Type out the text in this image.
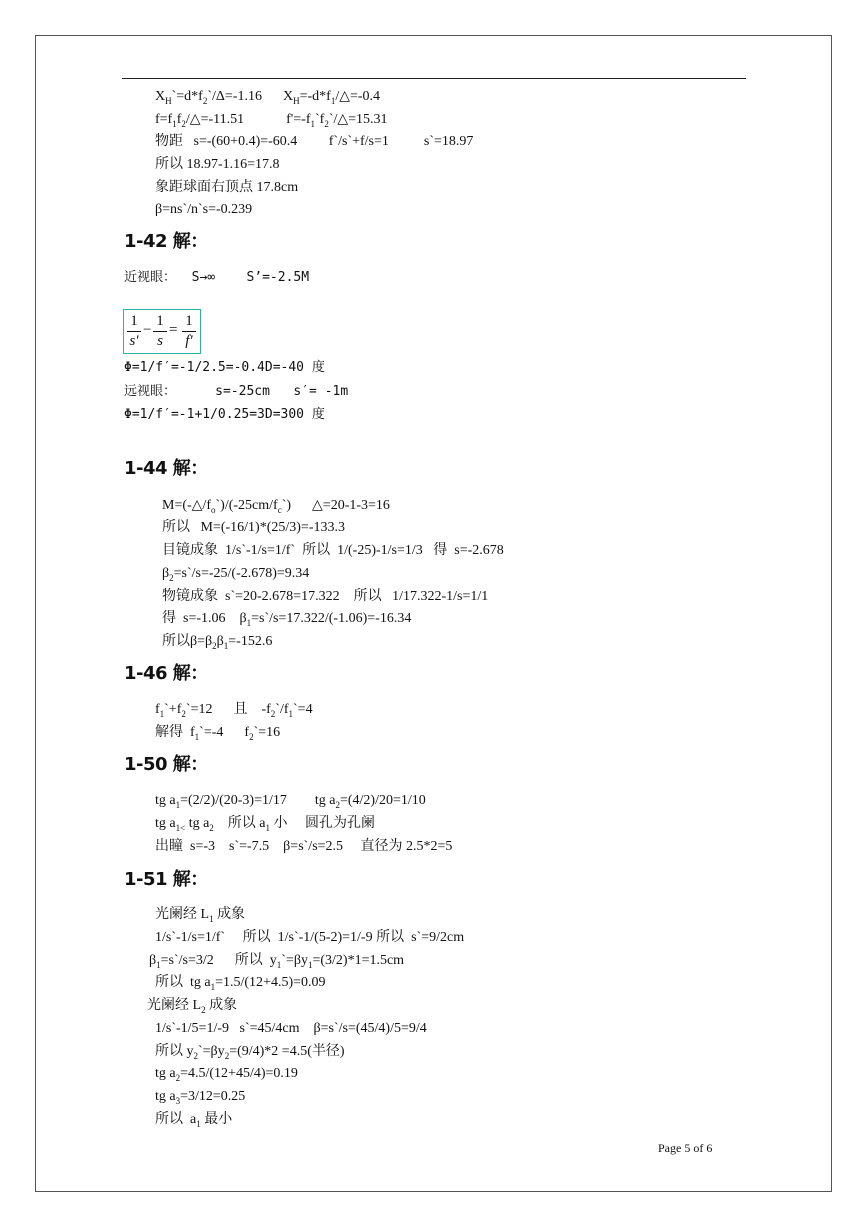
$X_H`=d*f_2`/\Delta=-1.16$      $X_H=-d*f_1/\triangle=-0.4$
$f=f_1f_2/\triangle=-11.51$            $f'=-f_1`f_2`/\triangle=15.31$
物距   s=-(60+0.4)=-60.4         f`/s`+f/s=1          s`=18.97
所以 18.97-1.16=17.8
象距球面右顶点 17.8cm
β=ns`/n`s=-0.239
1-42 解：
近视眼：  S→∞    S’=-2.5M
1
s′
−
1
s
=
1
f′
Φ=1/f′=-1/2.5=-0.4D=-40 度
远视眼：     s=-25cm   s′= -1m
Φ=1/f′=-1+1/0.25=3D=300 度
1-44 解：
$M=(-\triangle/f_o`)/(-25cm/f_c`)$      △=20-1-3=16
所以   M=(-16/1)*(25/3)=-133.3
目镜成象  1/s`-1/s=1/f`  所以  1/(-25)-1/s=1/3   得  s=-2.678
$\beta_2=s`/s=-25/(-2.678)=9.34$
物镜成象  s`=20-2.678=17.322    所以   1/17.322-1/s=1/1
得  s=-1.06    $\beta_1=s`/s=17.322/(-1.06)=-16.34$
所以$\beta=\beta_2\beta_1=-152.6$
1-46 解：
$f_1`+f_2`=12$      且    $-f_2`/f_1`=4$
解得  $f_1`=-4$      $f_2`=16$
1-50 解：
tg $a_1=(2/2)/(20-3)=1/17$        tg $a_2=(4/2)/20=1/10$
tg $a_{1<}$ tg $a_2$    所以 $a_1$ 小     圆孔为孔阑
出瞳  s=-3    s`=-7.5    β=s`/s=2.5     直径为 2.5*2=5
1-51 解：
光阑经 $L_1$ 成象
1/s`-1/s=1/f`     所以  1/s`-1/(5-2)=1/-9 所以  s`=9/2cm
$\beta_1=s`/s=3/2$      所以  $y_1`=\beta y_1=(3/2)*1=1.5cm$
所以  tg $a_1=1.5/(12+4.5)=0.09$
光阑经 $L_2$ 成象
1/s`-1/5=1/-9   s`=45/4cm    β=s`/s=(45/4)/5=9/4
所以 $y_2`=\beta y_2=(9/4)*2 =4.5$(半径)
tg $a_2=4.5/(12+45/4)=0.19$
tg $a_3=3/12=0.25$
所以  $a_1$ 最小
Page 5 of 6
